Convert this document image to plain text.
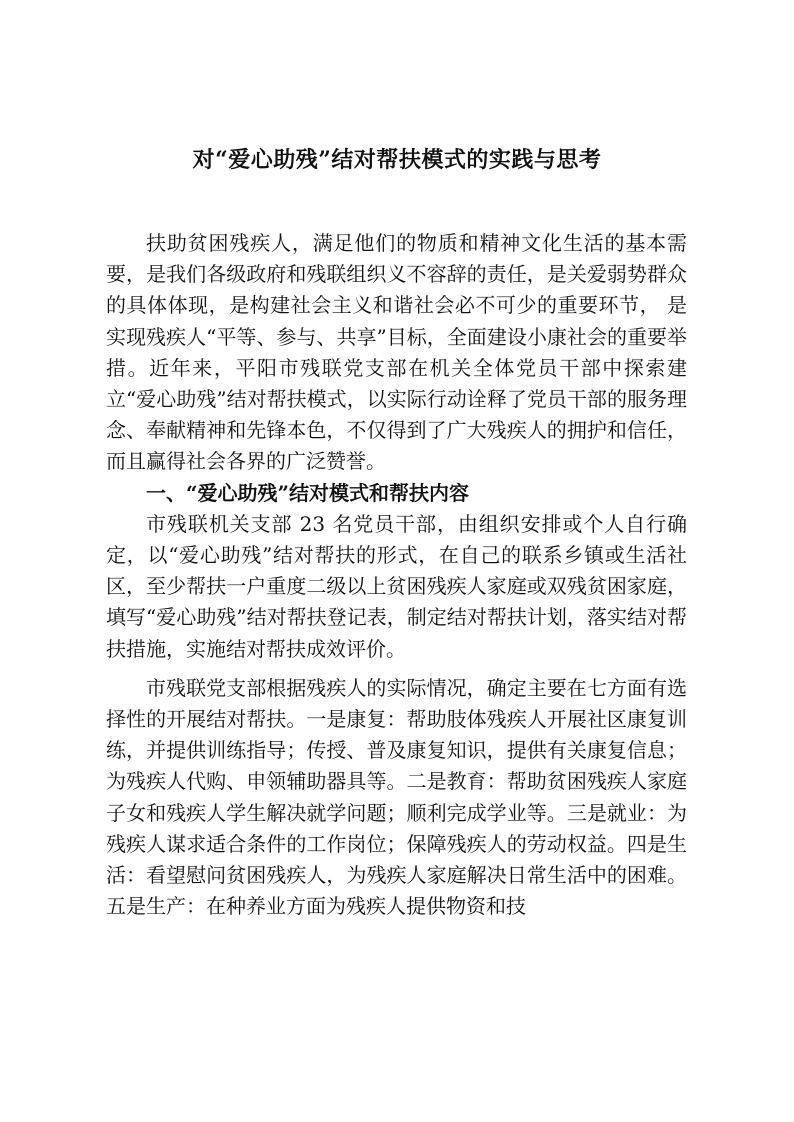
对“爱心助残”结对帮扶模式的实践与思考

扶助贫困残疾人，满足他们的物质和精神文化生活的基本需要，是我们各级政府和残联组织义不容辞的责任，是关爱弱势群众的具体体现，是构建社会主义和谐社会必不可少的重要环节， 是实现残疾人“平等、参与、共享”目标，全面建设小康社会的重要举措。近年来，平阳市残联党支部在机关全体党员干部中探索建立“爱心助残”结对帮扶模式，以实际行动诠释了党员干部的服务理念、奉献精神和先锋本色，不仅得到了广大残疾人的拥护和信任，而且赢得社会各界的广泛赞誉。

一、“爱心助残”结对模式和帮扶内容

市残联机关支部 23 名党员干部，由组织安排或个人自行确定，以“爱心助残”结对帮扶的形式，在自己的联系乡镇或生活社区，至少帮扶一户重度二级以上贫困残疾人家庭或双残贫困家庭，填写“爱心助残”结对帮扶登记表，制定结对帮扶计划，落实结对帮扶措施，实施结对帮扶成效评价。

市残联党支部根据残疾人的实际情况，确定主要在七方面有选择性的开展结对帮扶。一是康复：帮助肢体残疾人开展社区康复训练，并提供训练指导；传授、普及康复知识，提供有关康复信息；为残疾人代购、申领辅助器具等。二是教育：帮助贫困残疾人家庭子女和残疾人学生解决就学问题；顺利完成学业等。三是就业：为残疾人谋求适合条件的工作岗位；保障残疾人的劳动权益。四是生活：看望慰问贫困残疾人，为残疾人家庭解决日常生活中的困难。五是生产：在种养业方面为残疾人提供物资和技
